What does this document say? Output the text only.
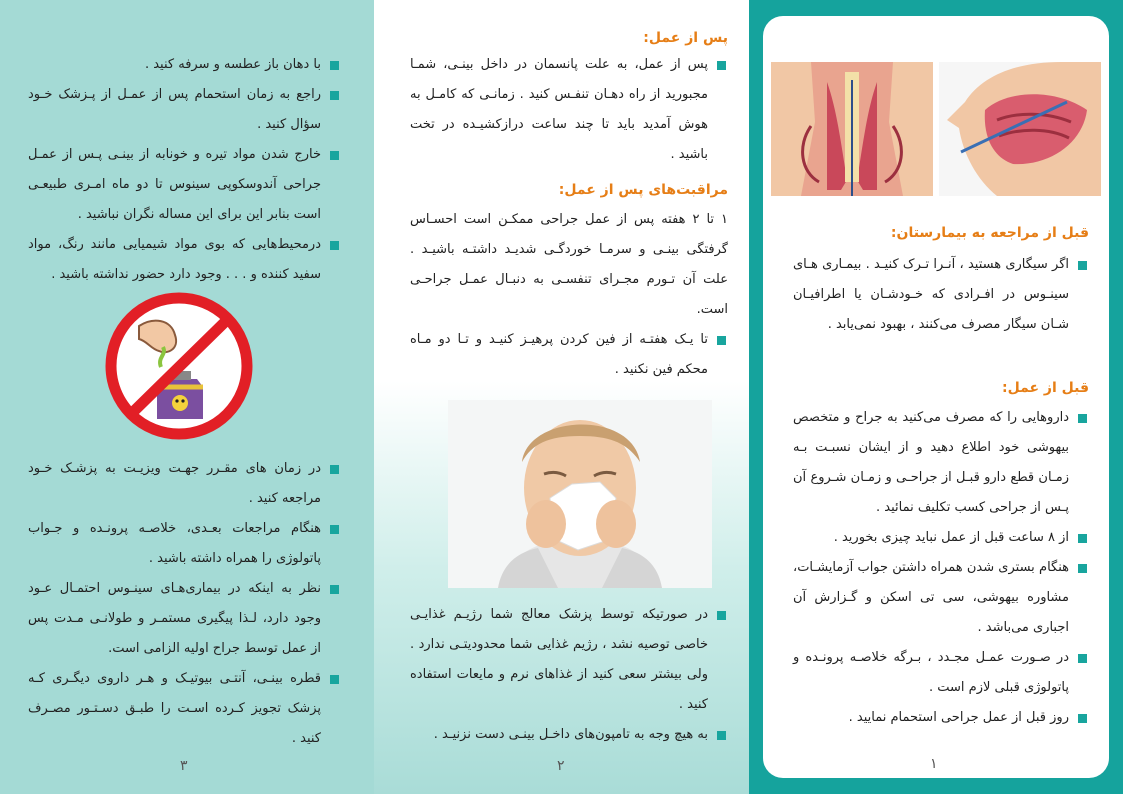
با دهان باز عطسه و سرفه کنید .
راجع به زمان استحمام پس از عمـل از پـزشک خـود سؤال کنید .
خارج شدن مواد تیره و خونابه از بینـی پـس از عمـل جراحی آندوسکوپی سینوس تا دو ماه امـری طبیعـی است بنابر این برای این مساله نگران نباشید .
درمحیط‌هایی که بوی مواد شیمیایی مانند رنگ، مواد سفید کننده و . . . وجود دارد حضور نداشته باشید .
در زمان های مقـرر جهـت ویزیـت به پزشـک خـود مراجعه کنید .
هنگام مراجعات بعـدی، خلاصـه پرونـده و جـواب پاتولوژی را همراه داشته باشید .
نظر به اینکه در بیماری‌هـای سینـوس احتمـال عـود وجود دارد، لـذا پیگیری مستمـر و طولانـی مـدت پس از عمل توسط جراح اولیه الزامی است.
قطره بینـی، آنتـی بیوتیـک و هـر داروی دیگـری کـه پزشک تجویز کـرده اسـت را طبـق دسـتـور مصـرف کنید .
۳
پس از عمل:
پس از عمل، به علت پانسمان در داخل بینـی، شمـا مجبورید از راه دهـان تنفـس کنید . زمانـی که کامـل به هوش آمدید باید تا چند ساعت درازکشیـده در تخت باشید .
مراقبت‌های پس از عمل:

۱ تا ۲ هفته پس از عمل جراحی ممکـن است احسـاس گرفتگی بینـی و سرمـا خوردگـی شدیـد داشتـه باشیـد . علت آن تـورم مجـرای تنفسـی به دنبـال عمـل جراحـی است.

تا یـک هفتـه از فین کردن پرهیـز کنیـد و تـا دو مـاه محکم فین نکنید .
در صورتیکه توسط پزشک معالج شما رژیـم غذایـی خاصی توصیه نشد ، رژیم غذایی شما محدودیتـی ندارد . ولی بیشتر سعی کنید از غذاهای نرم و مایعات استفاده کنید .
به هیچ وجه به تامپون‌های داخـل بینـی دست نزنیـد .
۲
قبل از مراجعه به بیمارستان:
اگر سیگاری هستید ، آنـرا تـرک کنیـد . بیمـاری هـای سینـوس در افـرادی که خـودشـان یا اطرافیـان شـان سیگار مصرف می‌کنند ، بهبود نمی‌یابد .
قبل از عمل:
داروهایی را که مصرف می‌کنید به جراح و متخصص بیهوشی خود اطلاع دهید و از ایشان نسبـت بـه زمـان قطع دارو قبـل از جراحـی و زمـان شـروع آن پـس از جراحی کسب تکلیف نمائید .
از ۸ ساعت قبل از عمل نباید چیزی بخورید .
هنگام بستری شدن همراه داشتن جواب آزمایشـات، مشاوره بیهوشی، سی تی اسکن و گـزارش آن اجباری می‌باشد .
در صـورت عمـل مجـدد ، بـرگه خلاصـه پرونـده و پاتولوژی قبلی لازم است .
روز قبل از عمل جراحی استحمام نمایید .
۱
